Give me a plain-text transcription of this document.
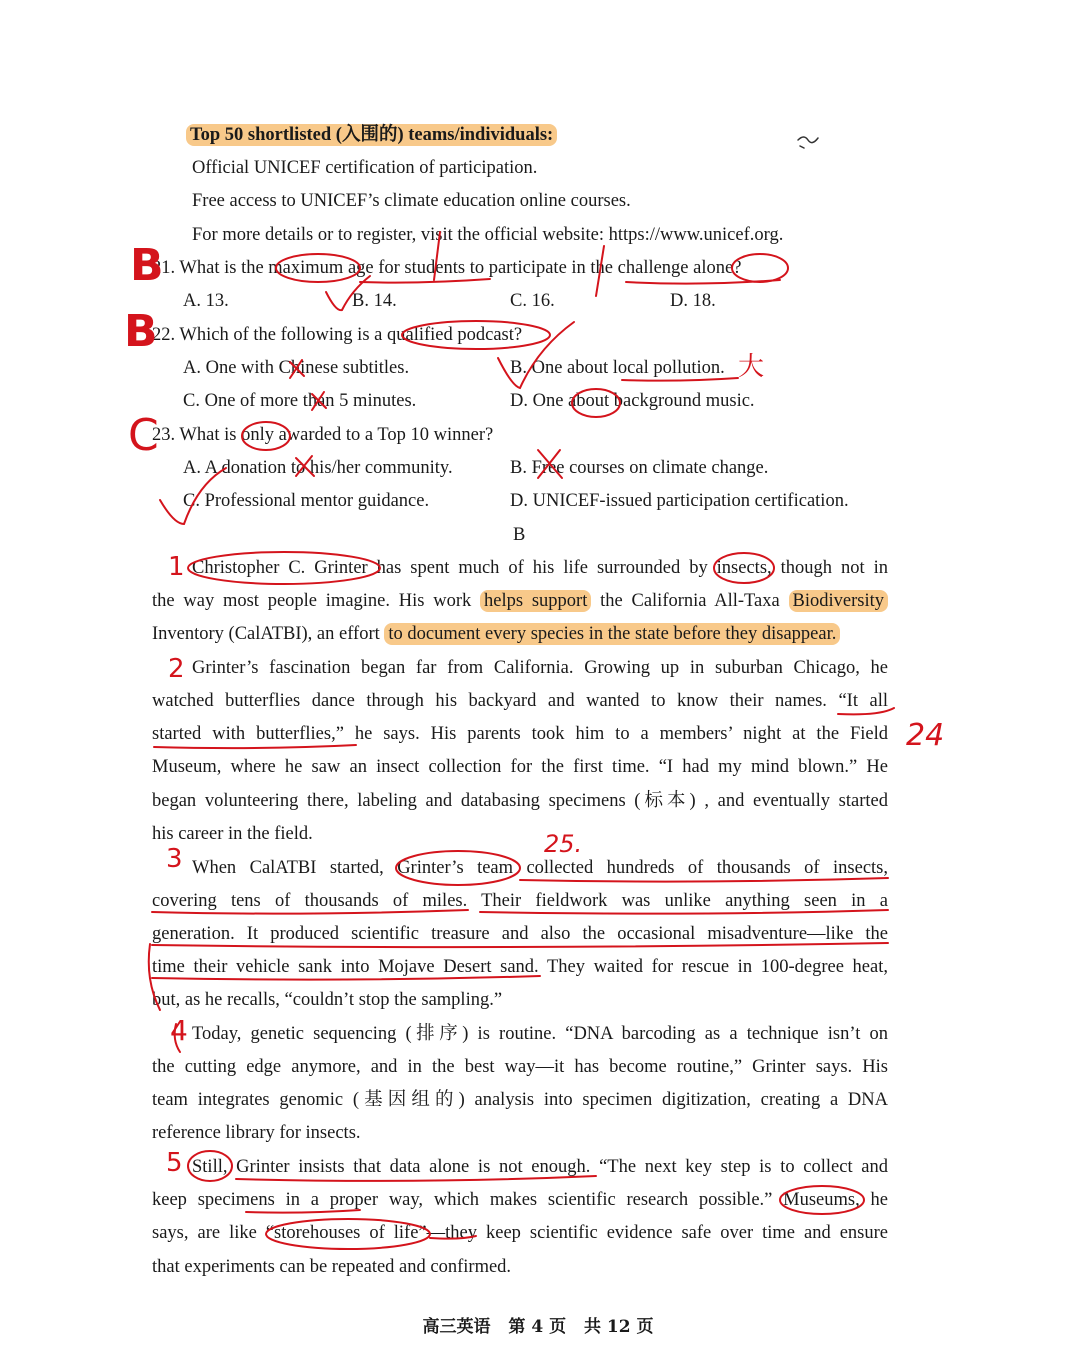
Top 50 shortlisted (入围的) teams/individuals:
Official UNICEF certification of participation.
Free access to UNICEF’s climate education online courses.
For more details or to register, visit the official website: https://www.unicef.org.
21. What is the maximum age for students to participate in the challenge alone?
A. 13.	B. 14.	C. 16.	D. 18.
22. Which of the following is a qualified podcast?
A. One with Chinese subtitles.	B. One about local pollution.
C. One of more than 5 minutes.	D. One about background music.
23. What is only awarded to a Top 10 winner?
A. A donation to his/her community.	B. Free courses on climate change.
C. Professional mentor guidance.	D. UNICEF-issued participation certification.
B
Christopher C. Grinter has spent much of his life surrounded by insects, though not in
the way most people imagine. His work helps support the California All-Taxa Biodiversity
Inventory (CalATBI), an effort to document every species in the state before they disappear.
Grinter’s fascination began far from California. Growing up in suburban Chicago, he
watched butterflies dance through his backyard and wanted to know their names. “It all
started with butterflies,” he says. His parents took him to a members’ night at the Field
Museum, where he saw an insect collection for the first time. “I had my mind blown.” He
began volunteering there, labeling and databasing specimens (标本) , and eventually started
his career in the field.
When CalATBI started, Grinter’s team collected hundreds of thousands of insects,
covering tens of thousands of miles. Their fieldwork was unlike anything seen in a
generation. It produced scientific treasure and also the occasional misadventure—like the
time their vehicle sank into Mojave Desert sand. They waited for rescue in 100-degree heat,
but, as he recalls, “couldn’t stop the sampling.”
Today, genetic sequencing (排序) is routine. “DNA barcoding as a technique isn’t on
the cutting edge anymore, and in the best way—it has become routine,” Grinter says. His
team integrates genomic (基因组的) analysis into specimen digitization, creating a DNA
reference library for insects.
Still, Grinter insists that data alone is not enough. “The next key step is to collect and
keep specimens in a proper way, which makes scientific research possible.” Museums, he
says, are like “storehouses of life”—they keep scientific evidence safe over time and ensure
that experiments can be repeated and confirmed.
高三英语 第 4 页 共 12 页
B
B
C
2
3
4
5
1
24
25.
大
